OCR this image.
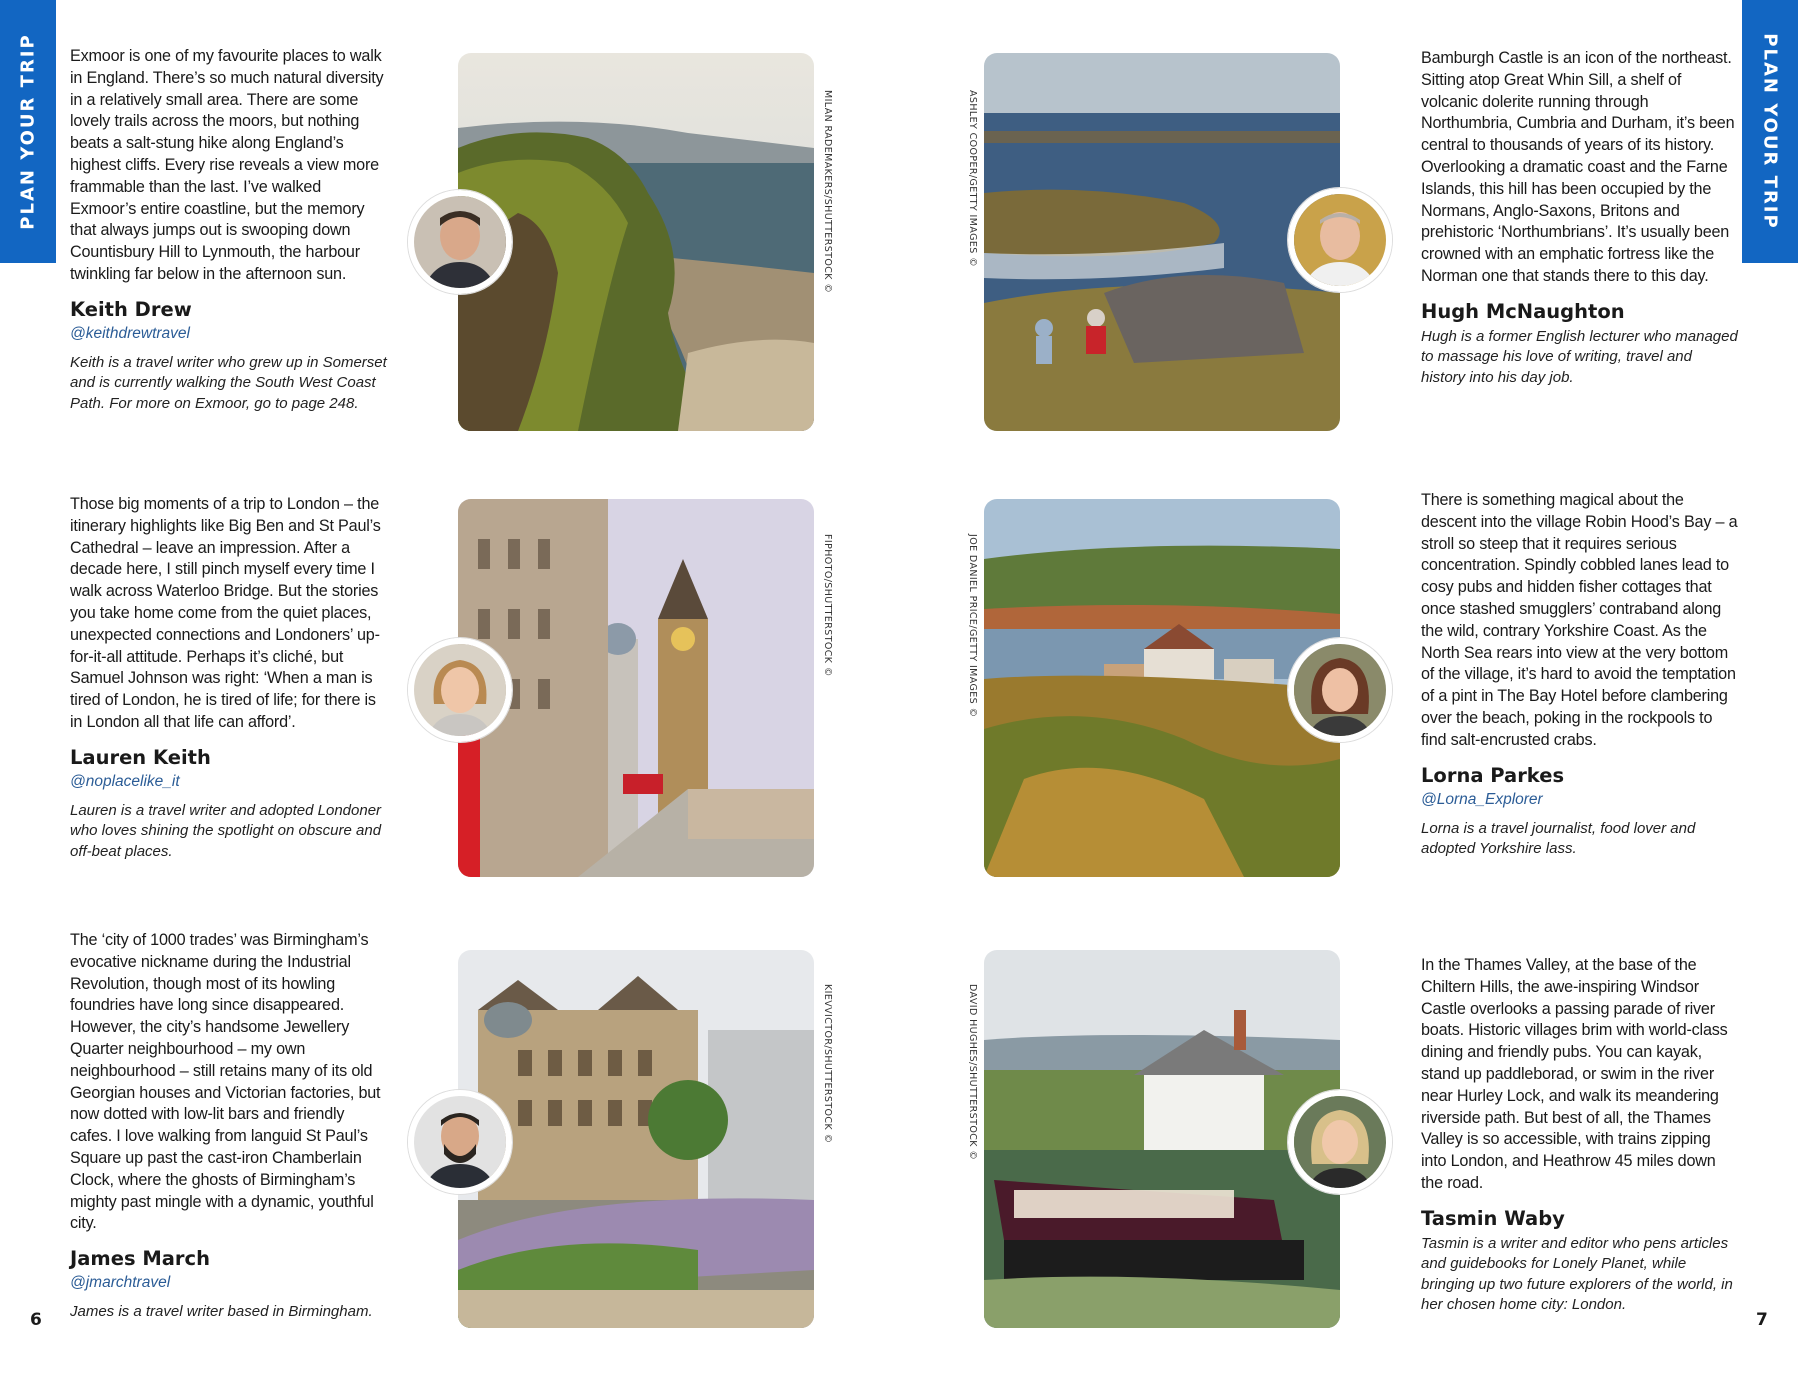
PLAN YOUR TRIP	PLAN YOUR TRIP
6	7

Exmoor is one of my favourite places to walk in England. There’s so much natural diversity in a relatively small area. There are some lovely trails across the moors, but nothing beats a salt-stung hike along England’s highest cliffs. Every rise reveals a view more frammable than the last. I’ve walked Exmoor’s entire coastline, but the memory that always jumps out is swooping down Countisbury Hill to Lynmouth, the harbour twinkling far below in the afternoon sun.

Keith Drew
@keithdrewtravel

Keith is a travel writer who grew up in Somerset and is currently walking the South West Coast Path. For more on Exmoor, go to page 248.

MILAN RADEMAKERS/SHUTTERSTOCK ©

Those big moments of a trip to London – the itinerary highlights like Big Ben and St Paul’s Cathedral – leave an impression. After a decade here, I still pinch myself every time I walk across Waterloo Bridge. But the stories you take home come from the quiet places, unexpected connections and Londoners’ up-for-it-all attitude. Perhaps it’s cliché, but Samuel Johnson was right: ‘When a man is tired of London, he is tired of life; for there is in London all that life can afford’.

Lauren Keith
@noplacelike_it

Lauren is a travel writer and adopted Londoner who loves shining the spotlight on obscure and off-beat places.

FIPHOTO/SHUTTERSTOCK ©

The ‘city of 1000 trades’ was Birmingham’s evocative nickname during the Industrial Revolution, though most of its howling foundries have long since disappeared. However, the city’s handsome Jewellery Quarter neighbourhood – my own neighbourhood – still retains many of its old Georgian houses and Victorian factories, but now dotted with low-lit bars and friendly cafes. I love walking from languid St Paul’s Square up past the cast-iron Chamberlain Clock, where the ghosts of Birmingham’s mighty past mingle with a dynamic, youthful city.

James March
@jmarchtravel

James is a travel writer based in Birmingham.

KIEVVICTOR/SHUTTERSTOCK ©
ASHLEY COOPER/GETTY IMAGES ©

Bamburgh Castle is an icon of the northeast. Sitting atop Great Whin Sill, a shelf of volcanic dolerite running through Northumbria, Cumbria and Durham, it’s been central to thousands of years of its history. Overlooking a dramatic coast and the Farne Islands, this hill has been occupied by the Normans, Anglo-Saxons, Britons and prehistoric ‘Northumbrians’. It’s usually been crowned with an emphatic fortress like the Norman one that stands there to this day.

Hugh McNaughton

Hugh is a former English lecturer who managed to massage his love of writing, travel and history into his day job.

JOE DANIEL PRICE/GETTY IMAGES ©

There is something magical about the descent into the village Robin Hood’s Bay – a stroll so steep that it requires serious concentration. Spindly cobbled lanes lead to cosy pubs and hidden fisher cottages that once stashed smugglers’ contraband along the wild, contrary Yorkshire Coast. As the North Sea rears into view at the very bottom of the village, it’s hard to avoid the temptation of a pint in The Bay Hotel before clambering over the beach, poking in the rockpools to find salt-encrusted crabs.

Lorna Parkes
@Lorna_Explorer

Lorna is a travel journalist, food lover and adopted Yorkshire lass.

DAVID HUGHES/SHUTTERSTOCK ©

In the Thames Valley, at the base of the Chiltern Hills, the awe-inspiring Windsor Castle overlooks a passing parade of river boats. Historic villages brim with world-class dining and friendly pubs. You can kayak, stand up paddleborad, or swim in the river near Hurley Lock, and walk its meandering riverside path. But best of all, the Thames Valley is so accessible, with trains zipping into London, and Heathrow 45 miles down the road.

Tasmin Waby

Tasmin is a writer and editor who pens articles and guidebooks for Lonely Planet, while bringing up two future explorers of the world, in her chosen home city: London.
